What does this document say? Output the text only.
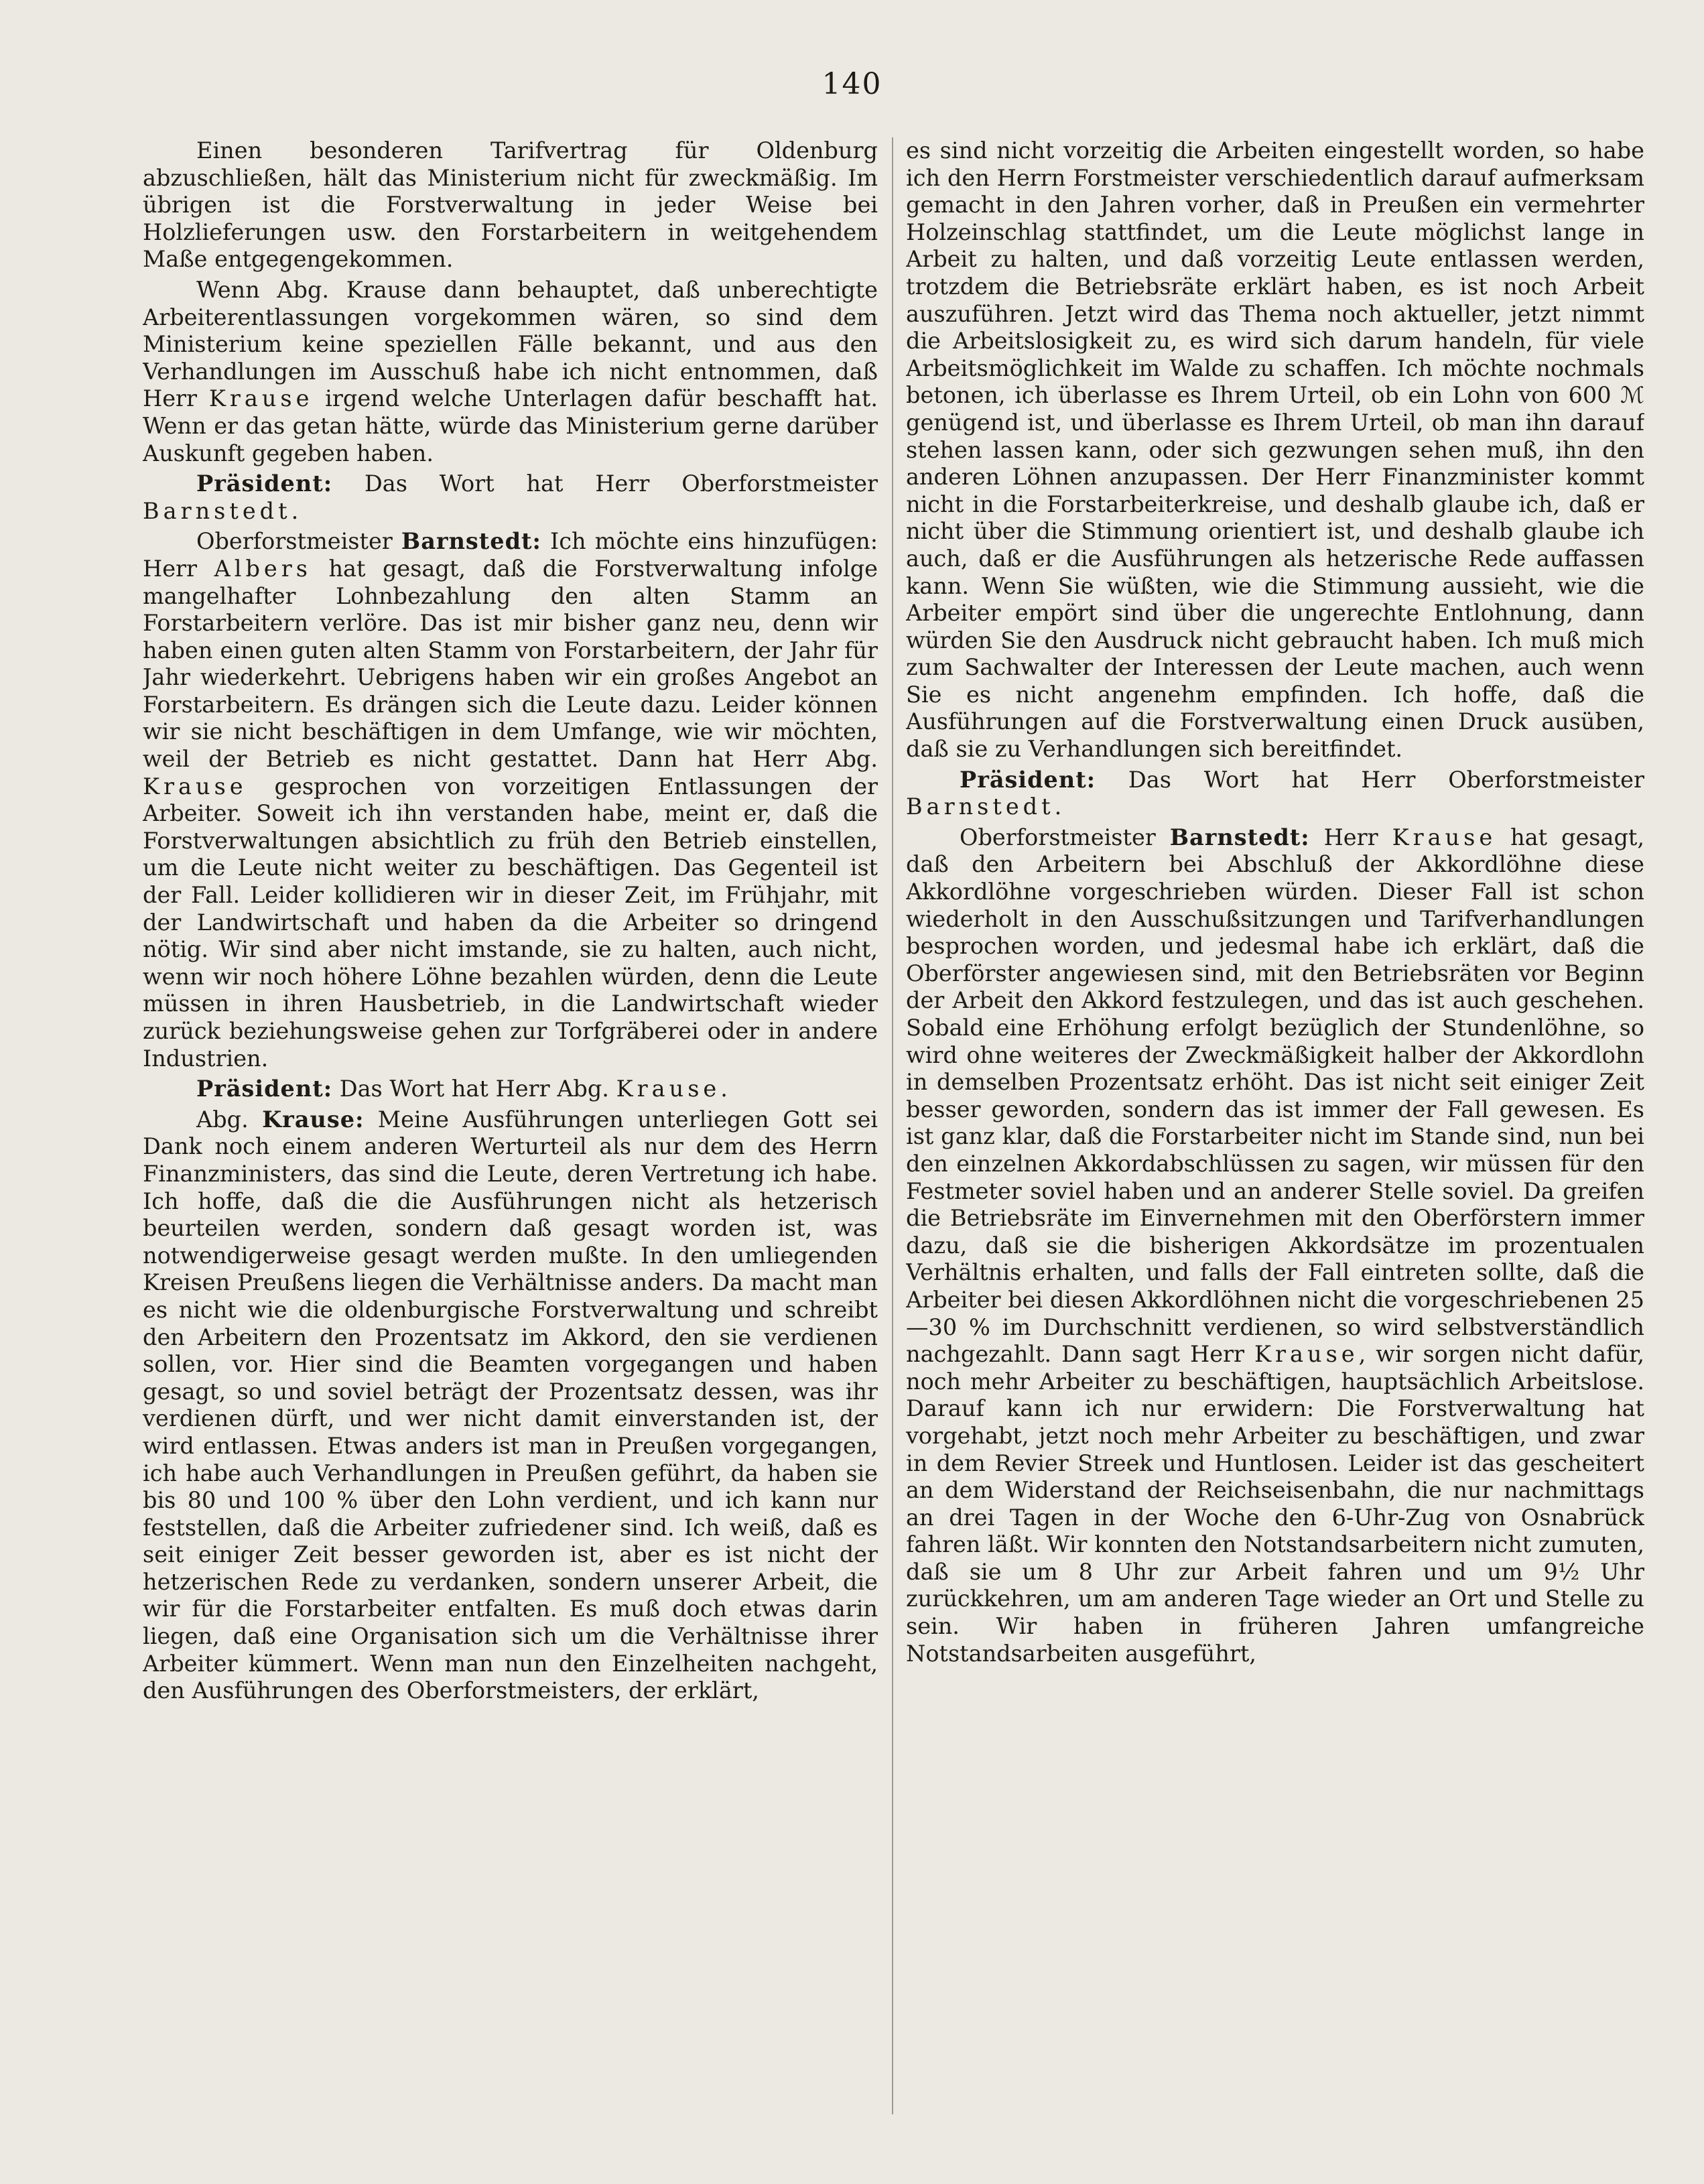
140

Einen besonderen Tarifvertrag für Oldenburg abzuschließen, hält das Ministerium nicht für zweckmäßig. Im übrigen ist die Forstverwaltung in jeder Weise bei Holzlieferungen usw. den Forstarbeitern in weitgehendem Maße entgegengekommen.

Wenn Abg. Krause dann behauptet, daß unberechtigte Arbeiterentlassungen vorgekommen wären, so sind dem Ministerium keine speziellen Fälle bekannt, und aus den Verhandlungen im Ausschuß habe ich nicht entnommen, daß Herr Krause irgend welche Unterlagen dafür beschafft hat. Wenn er das getan hätte, würde das Ministerium gerne darüber Auskunft gegeben haben.

Präsident: Das Wort hat Herr Oberforstmeister Barnstedt.

Oberforstmeister Barnstedt: Ich möchte eins hinzufügen: Herr Albers hat gesagt, daß die Forstverwaltung infolge mangelhafter Lohnbezahlung den alten Stamm an Forstarbeitern verlöre. Das ist mir bisher ganz neu, denn wir haben einen guten alten Stamm von Forstarbeitern, der Jahr für Jahr wiederkehrt. Uebrigens haben wir ein großes Angebot an Forstarbeitern. Es drängen sich die Leute dazu. Leider können wir sie nicht beschäftigen in dem Umfange, wie wir möchten, weil der Betrieb es nicht gestattet. Dann hat Herr Abg. Krause gesprochen von vorzeitigen Entlassungen der Arbeiter. Soweit ich ihn verstanden habe, meint er, daß die Forstverwaltungen absichtlich zu früh den Betrieb einstellen, um die Leute nicht weiter zu beschäftigen. Das Gegenteil ist der Fall. Leider kollidieren wir in dieser Zeit, im Frühjahr, mit der Landwirtschaft und haben da die Arbeiter so dringend nötig. Wir sind aber nicht imstande, sie zu halten, auch nicht, wenn wir noch höhere Löhne bezahlen würden, denn die Leute müssen in ihren Hausbetrieb, in die Landwirtschaft wieder zurück beziehungsweise gehen zur Torfgräberei oder in andere Industrien.

Präsident: Das Wort hat Herr Abg. Krause.

Abg. Krause: Meine Ausführungen unterliegen Gott sei Dank noch einem anderen Werturteil als nur dem des Herrn Finanzministers, das sind die Leute, deren Vertretung ich habe. Ich hoffe, daß die die Ausführungen nicht als hetzerisch beurteilen werden, sondern daß gesagt worden ist, was notwendigerweise gesagt werden mußte. In den umliegenden Kreisen Preußens liegen die Verhältnisse anders. Da macht man es nicht wie die oldenburgische Forstverwaltung und schreibt den Arbeitern den Prozentsatz im Akkord, den sie verdienen sollen, vor. Hier sind die Beamten vorgegangen und haben gesagt, so und soviel beträgt der Prozentsatz dessen, was ihr verdienen dürft, und wer nicht damit einverstanden ist, der wird entlassen. Etwas anders ist man in Preußen vorgegangen, ich habe auch Verhandlungen in Preußen geführt, da haben sie bis 80 und 100 % über den Lohn verdient, und ich kann nur feststellen, daß die Arbeiter zufriedener sind. Ich weiß, daß es seit einiger Zeit besser geworden ist, aber es ist nicht der hetzerischen Rede zu verdanken, sondern unserer Arbeit, die wir für die Forstarbeiter entfalten. Es muß doch etwas darin liegen, daß eine Organisation sich um die Verhältnisse ihrer Arbeiter kümmert. Wenn man nun den Einzelheiten nachgeht, den Ausführungen des Oberforstmeisters, der erklärt,

es sind nicht vorzeitig die Arbeiten eingestellt worden, so habe ich den Herrn Forstmeister verschiedentlich darauf aufmerksam gemacht in den Jahren vorher, daß in Preußen ein vermehrter Holzeinschlag stattfindet, um die Leute möglichst lange in Arbeit zu halten, und daß vorzeitig Leute entlassen werden, trotzdem die Betriebsräte erklärt haben, es ist noch Arbeit auszuführen. Jetzt wird das Thema noch aktueller, jetzt nimmt die Arbeitslosigkeit zu, es wird sich darum handeln, für viele Arbeitsmöglichkeit im Walde zu schaffen. Ich möchte nochmals betonen, ich überlasse es Ihrem Urteil, ob ein Lohn von 600 ℳ genügend ist, und überlasse es Ihrem Urteil, ob man ihn darauf stehen lassen kann, oder sich gezwungen sehen muß, ihn den anderen Löhnen anzupassen. Der Herr Finanzminister kommt nicht in die Forstarbeiterkreise, und deshalb glaube ich, daß er nicht über die Stimmung orientiert ist, und deshalb glaube ich auch, daß er die Ausführungen als hetzerische Rede auffassen kann. Wenn Sie wüßten, wie die Stimmung aussieht, wie die Arbeiter empört sind über die ungerechte Entlohnung, dann würden Sie den Ausdruck nicht gebraucht haben. Ich muß mich zum Sachwalter der Interessen der Leute machen, auch wenn Sie es nicht angenehm empfinden. Ich hoffe, daß die Ausführungen auf die Forstverwaltung einen Druck ausüben, daß sie zu Verhandlungen sich bereitfindet.

Präsident: Das Wort hat Herr Oberforstmeister Barnstedt.

Oberforstmeister Barnstedt: Herr Krause hat gesagt, daß den Arbeitern bei Abschluß der Akkordlöhne diese Akkordlöhne vorgeschrieben würden. Dieser Fall ist schon wiederholt in den Ausschußsitzungen und Tarifverhandlungen besprochen worden, und jedesmal habe ich erklärt, daß die Oberförster angewiesen sind, mit den Betriebsräten vor Beginn der Arbeit den Akkord festzulegen, und das ist auch geschehen. Sobald eine Erhöhung erfolgt bezüglich der Stundenlöhne, so wird ohne weiteres der Zweckmäßigkeit halber der Akkordlohn in demselben Prozentsatz erhöht. Das ist nicht seit einiger Zeit besser geworden, sondern das ist immer der Fall gewesen. Es ist ganz klar, daß die Forstarbeiter nicht im Stande sind, nun bei den einzelnen Akkordabschlüssen zu sagen, wir müssen für den Festmeter soviel haben und an anderer Stelle soviel. Da greifen die Betriebsräte im Einvernehmen mit den Oberförstern immer dazu, daß sie die bisherigen Akkordsätze im prozentualen Verhältnis erhalten, und falls der Fall eintreten sollte, daß die Arbeiter bei diesen Akkordlöhnen nicht die vorgeschriebenen 25—30 % im Durchschnitt verdienen, so wird selbstverständlich nachgezahlt. Dann sagt Herr Krause, wir sorgen nicht dafür, noch mehr Arbeiter zu beschäftigen, hauptsächlich Arbeitslose. Darauf kann ich nur erwidern: Die Forstverwaltung hat vorgehabt, jetzt noch mehr Arbeiter zu beschäftigen, und zwar in dem Revier Streek und Huntlosen. Leider ist das gescheitert an dem Widerstand der Reichseisenbahn, die nur nachmittags an drei Tagen in der Woche den 6-Uhr-Zug von Osnabrück fahren läßt. Wir konnten den Notstandsarbeitern nicht zumuten, daß sie um 8 Uhr zur Arbeit fahren und um 9½ Uhr zurückkehren, um am anderen Tage wieder an Ort und Stelle zu sein. Wir haben in früheren Jahren umfangreiche Notstandsarbeiten ausgeführt,
